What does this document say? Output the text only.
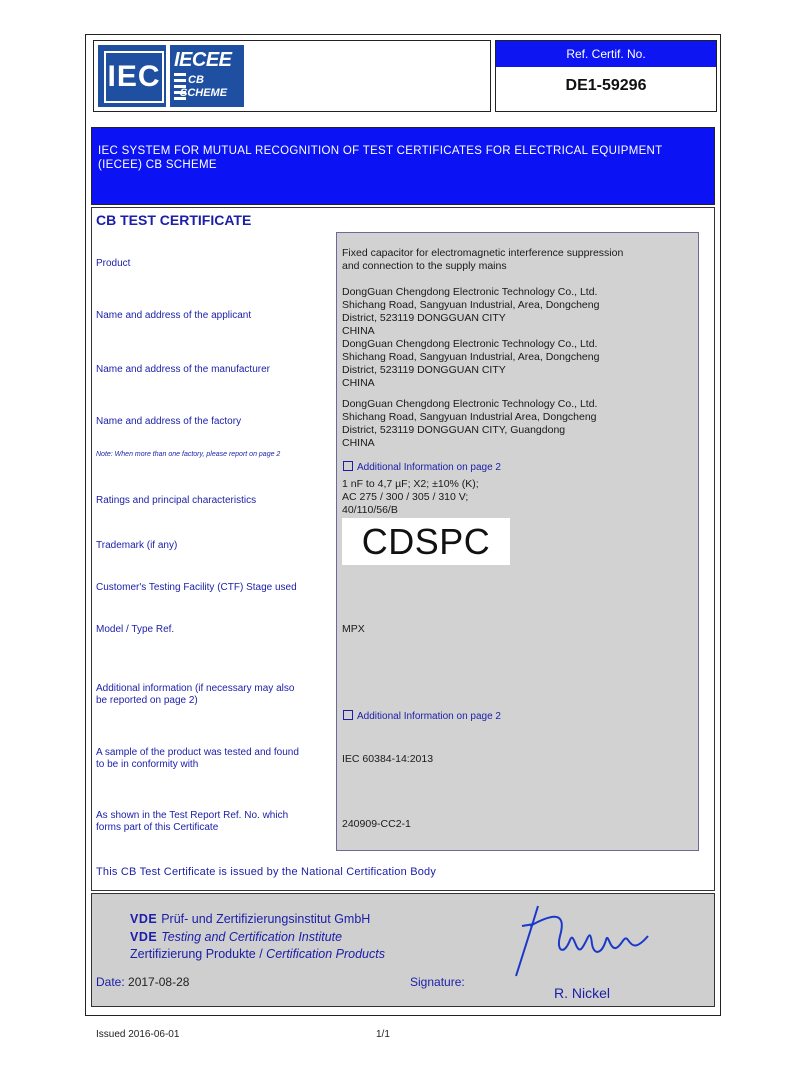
IEC IECEE
CB
SCHEME
Ref. Certif. No.
DE1-59296
IEC SYSTEM FOR MUTUAL RECOGNITION OF TEST CERTIFICATES FOR ELECTRICAL EQUIPMENT (IECEE) CB SCHEME
CB TEST CERTIFICATE
Product
Name and address of the applicant
Name and address of the manufacturer
Name and address of the factory
Note: When more than one factory, please report on page 2
Ratings and principal characteristics
Trademark (if any)
Customer's Testing Facility (CTF) Stage used
Model / Type Ref.
Additional information (if necessary may also
be reported on page 2)
A sample of the product was tested and found
to be in conformity with
As shown in the Test Report Ref. No. which
forms part of this Certificate
Fixed capacitor for electromagnetic interference suppression
and connection to the supply mains
DongGuan Chengdong Electronic Technology Co., Ltd.
Shichang Road, Sangyuan Industrial, Area, Dongcheng
District, 523119 DONGGUAN CITY
CHINA
DongGuan Chengdong Electronic Technology Co., Ltd.
Shichang Road, Sangyuan Industrial, Area, Dongcheng
District, 523119 DONGGUAN CITY
CHINA
DongGuan Chengdong Electronic Technology Co., Ltd.
Shichang Road, Sangyuan Industrial Area, Dongcheng
District, 523119 DONGGUAN CITY, Guangdong
CHINA
Additional Information on page 2
1 nF to 4,7 µF; X2; ±10% (K);
AC 275 / 300 / 305 / 310 V;
40/110/56/B
CDSPC
MPX
Additional Information on page 2
IEC 60384-14:2013
240909-CC2-1
This CB Test Certificate is issued by the National Certification Body
VDE Prüf- und Zertifizierungsinstitut GmbH
VDE Testing and Certification Institute
Zertifizierung Produkte / Certification Products
Date: 2017-08-28	Signature:
R. Nickel
Issued 2016-06-01	1/1
